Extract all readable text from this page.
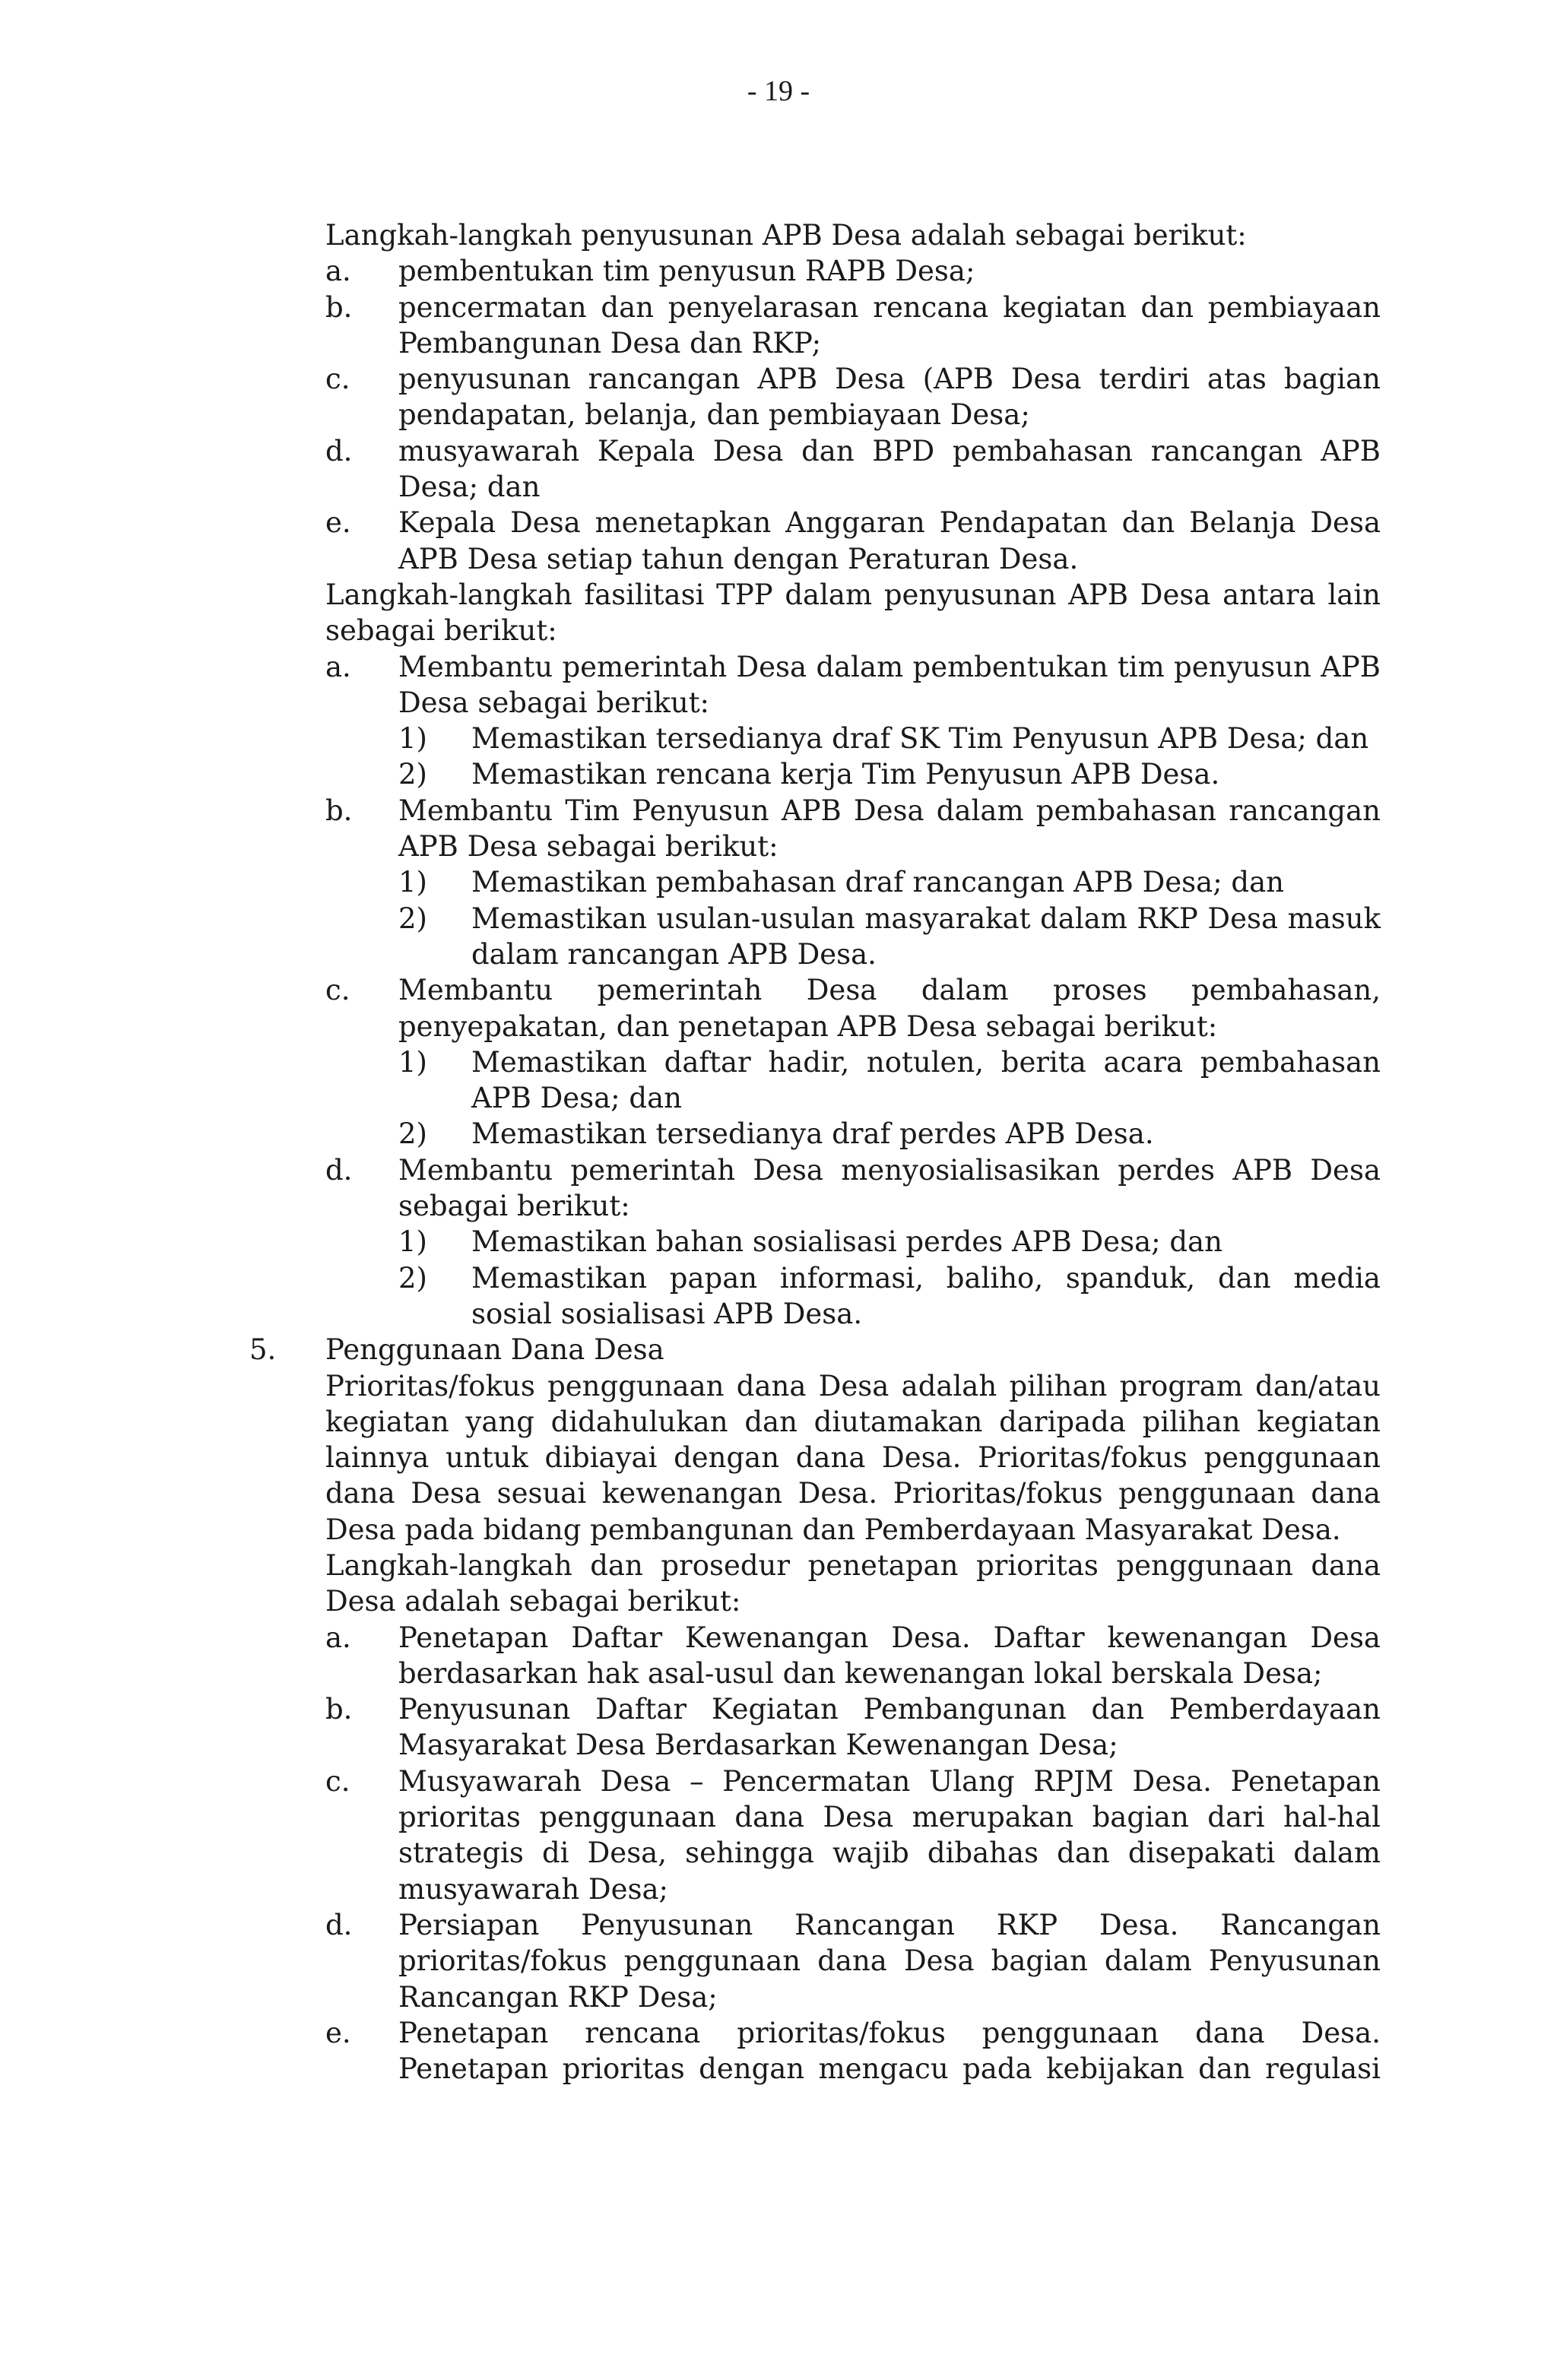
- 19 -

Langkah-langkah penyusunan APB Desa adalah sebagai berikut:

a.	pembentukan tim penyusun RAPB Desa;
b.	pencermatan dan penyelarasan rencana kegiatan dan pembiayaan Pembangunan Desa dan RKP;
c.	penyusunan rancangan APB Desa (APB Desa terdiri atas bagian pendapatan, belanja, dan pembiayaan Desa;
d.	musyawarah Kepala Desa dan BPD pembahasan rancangan APB Desa; dan
e.	Kepala Desa menetapkan Anggaran Pendapatan dan Belanja Desa APB Desa setiap tahun dengan Peraturan Desa.

Langkah-langkah fasilitasi TPP dalam penyusunan APB Desa antara lain sebagai berikut:

a.	Membantu pemerintah Desa dalam pembentukan tim penyusun APB Desa sebagai berikut:
1)	Memastikan tersedianya draf SK Tim Penyusun APB Desa; dan
2)	Memastikan rencana kerja Tim Penyusun APB Desa.
b.	Membantu Tim Penyusun APB Desa dalam pembahasan rancangan APB Desa sebagai berikut:
1)	Memastikan pembahasan draf rancangan APB Desa; dan
2)	Memastikan usulan-usulan masyarakat dalam RKP Desa masuk dalam rancangan APB Desa.
c.	Membantu pemerintah Desa dalam proses pembahasan, penyepakatan, dan penetapan APB Desa sebagai berikut:
1)	Memastikan daftar hadir, notulen, berita acara pembahasan APB Desa; dan
2)	Memastikan tersedianya draf perdes APB Desa.
d.	Membantu pemerintah Desa menyosialisasikan perdes APB Desa sebagai berikut:
1)	Memastikan bahan sosialisasi perdes APB Desa; dan
2)	Memastikan papan informasi, baliho, spanduk, dan media sosial sosialisasi APB Desa.
5.	Penggunaan Dana Desa

Prioritas/fokus penggunaan dana Desa adalah pilihan program dan/atau kegiatan yang didahulukan dan diutamakan daripada pilihan kegiatan lainnya untuk dibiayai dengan dana Desa. Prioritas/fokus penggunaan dana Desa sesuai kewenangan Desa. Prioritas/fokus penggunaan dana Desa pada bidang pembangunan dan Pemberdayaan Masyarakat Desa.

Langkah-langkah dan prosedur penetapan prioritas penggunaan dana Desa adalah sebagai berikut:

a.	Penetapan Daftar Kewenangan Desa. Daftar kewenangan Desa berdasarkan hak asal-usul dan kewenangan lokal berskala Desa;
b.	Penyusunan Daftar Kegiatan Pembangunan dan Pemberdayaan Masyarakat Desa Berdasarkan Kewenangan Desa;
c.	Musyawarah Desa – Pencermatan Ulang RPJM Desa. Penetapan prioritas penggunaan dana Desa merupakan bagian dari hal-hal strategis di Desa, sehingga wajib dibahas dan disepakati dalam musyawarah Desa;
d.	Persiapan Penyusunan Rancangan RKP Desa. Rancangan prioritas/fokus penggunaan dana Desa bagian dalam Penyusunan Rancangan RKP Desa;
e.	Penetapan rencana prioritas/fokus penggunaan dana Desa. Penetapan prioritas dengan mengacu pada kebijakan dan regulasi
